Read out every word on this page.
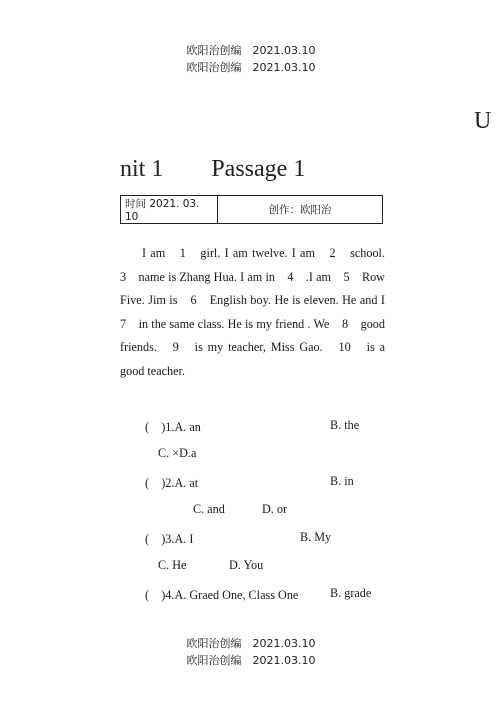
欧阳治创编　2021.03.10
欧阳治创编　2021.03.10
U
nit 1　　Passage 1
时间 2021. 03. 10	创作：欧阳治
I am　1　girl. I am twelve. I am　2　school.　3　name is Zhang Hua. I am in　4　.I am　5　Row Five. Jim is　6　English boy. He is eleven. He and I　7　in the same class. He is my friend . We　8　good friends.　9　is my teacher, Miss Gao.　10　is a good teacher.
(　)1.A. an	B. the
C. ×D.a
(　)2.A. at	B. in
C. and	D. or
(　)3.A. I	B. My
C. He	D. You
(　)4.A. Graed One, Class One	B. grade
欧阳治创编　2021.03.10
欧阳治创编　2021.03.10
